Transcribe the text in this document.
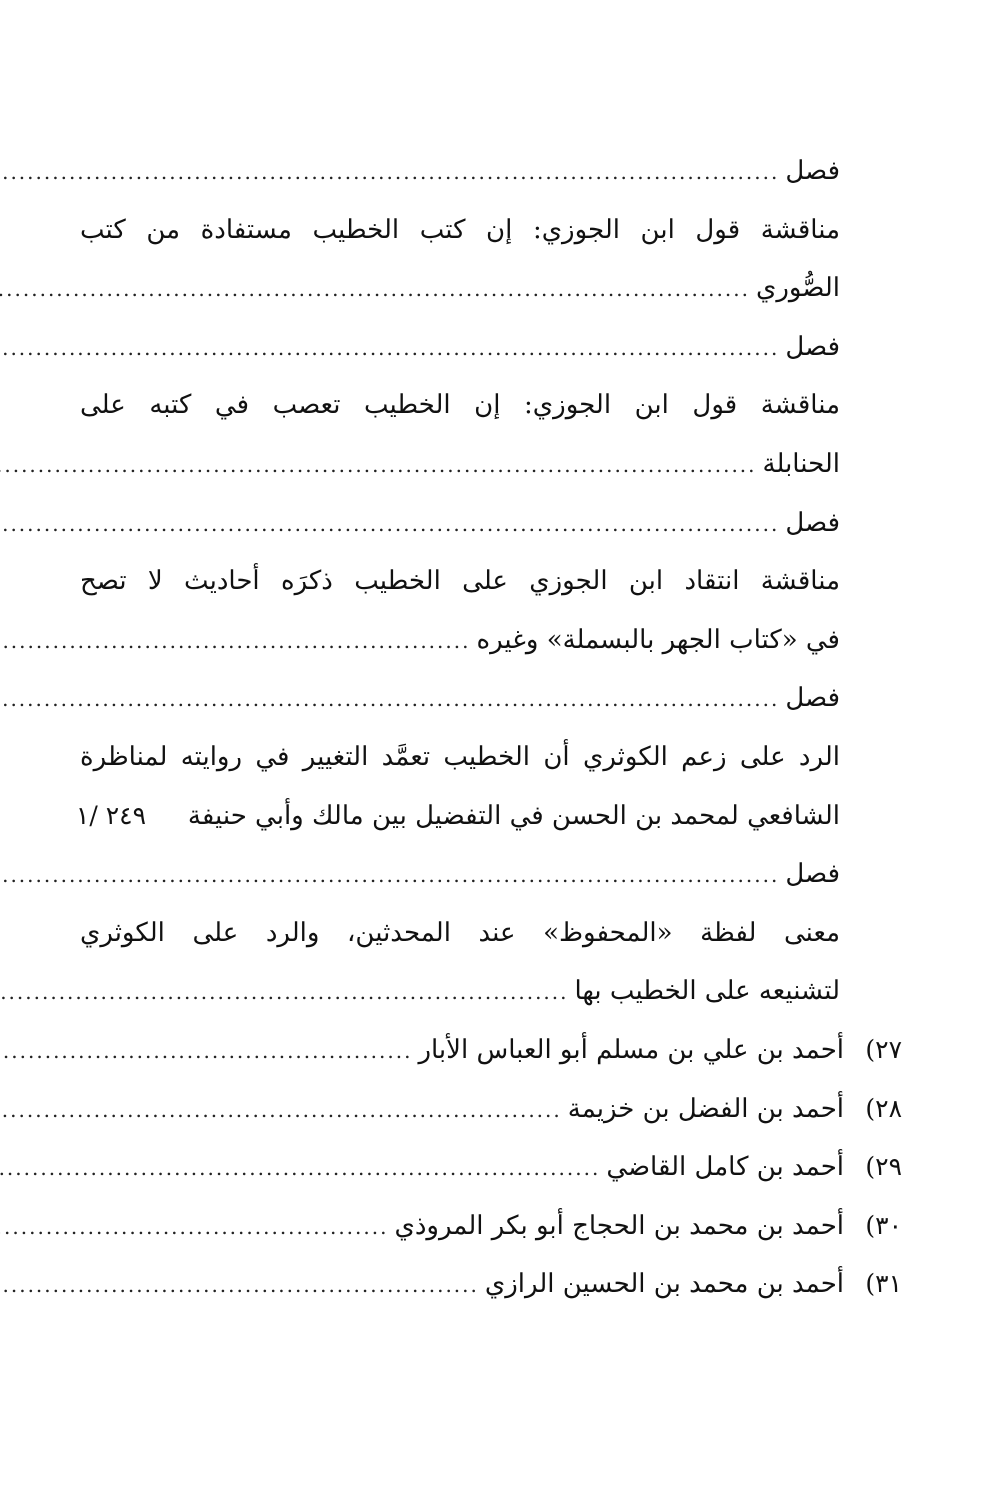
فصل
.....
مناقشة قول ابن الجوزي: إن كتب الخطيب مستفادة من كتب
الصُّوري
.....
فصل
.....
مناقشة قول ابن الجوزي: إن الخطيب تعصب في كتبه على
الحنابلة
.....
فصل
.....
مناقشة انتقاد ابن الجوزي على الخطيب ذكرَه أحاديث لا تصح
في «كتاب الجهر بالبسملة» وغيره
.....
فصل
.....
الرد على زعم الكوثري أن الخطيب تعمَّد التغيير في روايته لمناظرة
الشافعي لمحمد بن الحسن في التفضيل بين مالك وأبي حنيفة
٢٤٩ /١
فصل
.....
معنى لفظة «المحفوظ» عند المحدثين، والرد على الكوثري
لتشنيعه على الخطيب بها
.....
٢٧)
أحمد بن علي بن مسلم أبو العباس الأبار
.....
٢٨)
أحمد بن الفضل بن خزيمة
.....
٢٩)
أحمد بن كامل القاضي
.....
٣٠)
أحمد بن محمد بن الحجاج أبو بكر المروذي
.....
٣١)
أحمد بن محمد بن الحسين الرازي
.....
